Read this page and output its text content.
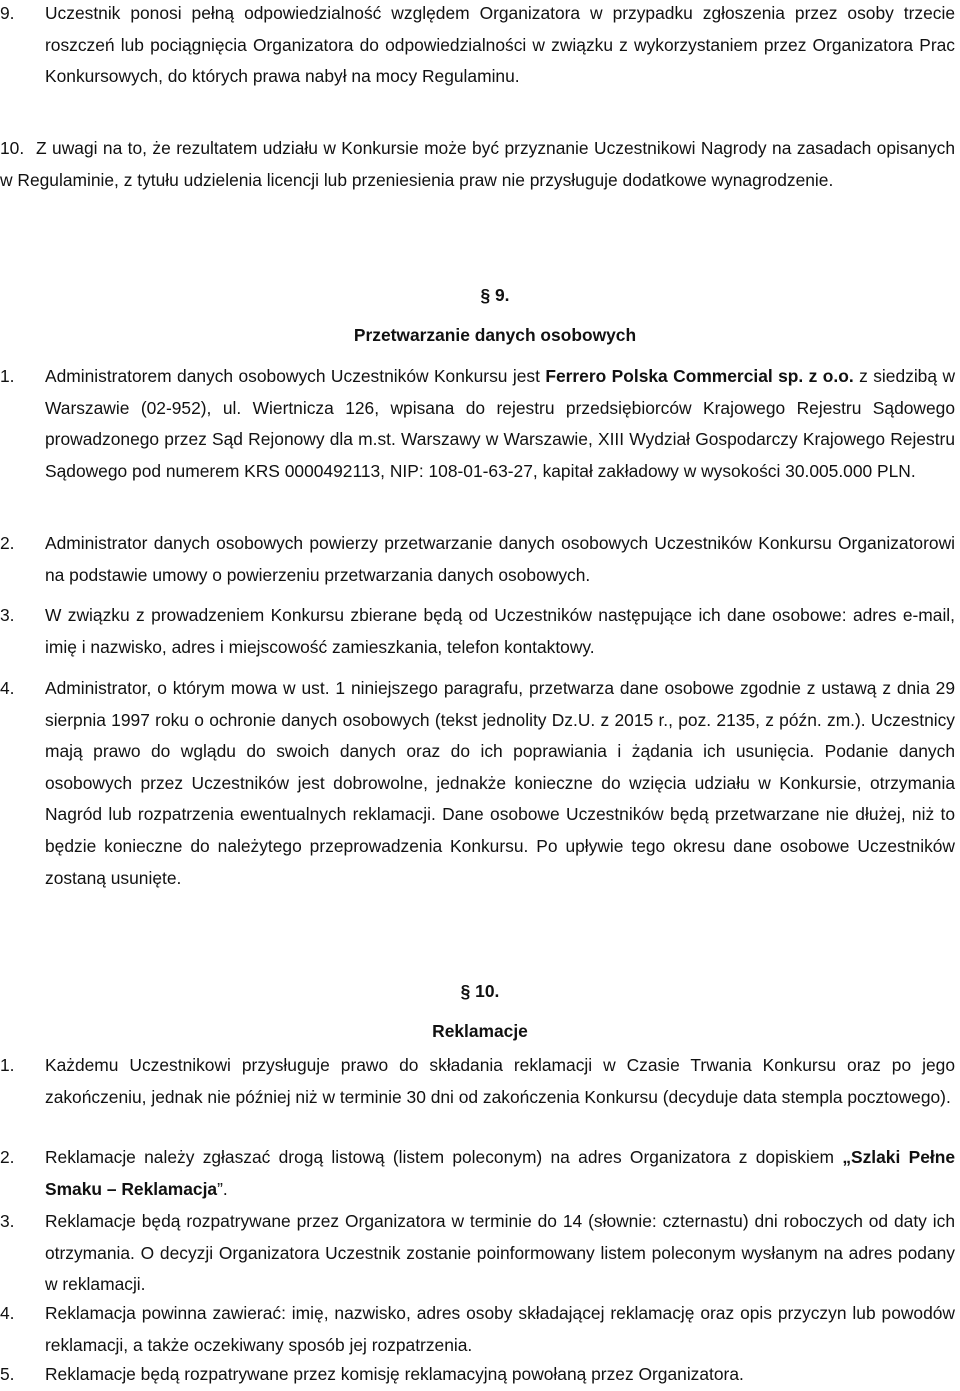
9. Uczestnik ponosi pełną odpowiedzialność względem Organizatora w przypadku zgłoszenia przez osoby trzecie roszczeń lub pociągnięcia Organizatora do odpowiedzialności w związku z wykorzystaniem przez Organizatora Prac Konkursowych, do których prawa nabył na mocy Regulaminu.
10. Z uwagi na to, że rezultatem udziału w Konkursie może być przyznanie Uczestnikowi Nagrody na zasadach opisanych w Regulaminie, z tytułu udzielenia licencji lub przeniesienia praw nie przysługuje dodatkowe wynagrodzenie.
§ 9.
Przetwarzanie danych osobowych
1. Administratorem danych osobowych Uczestników Konkursu jest Ferrero Polska Commercial sp. z o.o. z siedzibą w Warszawie (02-952), ul. Wiertnicza 126, wpisana do rejestru przedsiębiorców Krajowego Rejestru Sądowego prowadzonego przez Sąd Rejonowy dla m.st. Warszawy w Warszawie, XIII Wydział Gospodarczy Krajowego Rejestru Sądowego pod numerem KRS 0000492113, NIP: 108-01-63-27, kapitał zakładowy w wysokości 30.005.000 PLN.
2. Administrator danych osobowych powierzy przetwarzanie danych osobowych Uczestników Konkursu Organizatorowi na podstawie umowy o powierzeniu przetwarzania danych osobowych.
3. W związku z prowadzeniem Konkursu zbierane będą od Uczestników następujące ich dane osobowe: adres e-mail, imię i nazwisko, adres i miejscowość zamieszkania, telefon kontaktowy.
4. Administrator, o którym mowa w ust. 1 niniejszego paragrafu, przetwarza dane osobowe zgodnie z ustawą z dnia 29 sierpnia 1997 roku o ochronie danych osobowych (tekst jednolity Dz.U. z 2015 r., poz. 2135, z późn. zm.). Uczestnicy mają prawo do wglądu do swoich danych oraz do ich poprawiania i żądania ich usunięcia. Podanie danych osobowych przez Uczestników jest dobrowolne, jednakże konieczne do wzięcia udziału w Konkursie, otrzymania Nagród lub rozpatrzenia ewentualnych reklamacji. Dane osobowe Uczestników będą przetwarzane nie dłużej, niż to będzie konieczne do należytego przeprowadzenia Konkursu. Po upływie tego okresu dane osobowe Uczestników zostaną usunięte.
§ 10.
Reklamacje
1. Każdemu Uczestnikowi przysługuje prawo do składania reklamacji w Czasie Trwania Konkursu oraz po jego zakończeniu, jednak nie później niż w terminie 30 dni od zakończenia Konkursu (decyduje data stempla pocztowego).
2. Reklamacje należy zgłaszać drogą listową (listem poleconym) na adres Organizatora z dopiskiem „Szlaki Pełne Smaku – Reklamacja”.
3. Reklamacje będą rozpatrywane przez Organizatora w terminie do 14 (słownie: czternastu) dni roboczych od daty ich otrzymania. O decyzji Organizatora Uczestnik zostanie poinformowany listem poleconym wysłanym na adres podany w reklamacji.
4. Reklamacja powinna zawierać: imię, nazwisko, adres osoby składającej reklamację oraz opis przyczyn lub powodów reklamacji, a także oczekiwany sposób jej rozpatrzenia.
5. Reklamacje będą rozpatrywane przez komisję reklamacyjną powołaną przez Organizatora.
